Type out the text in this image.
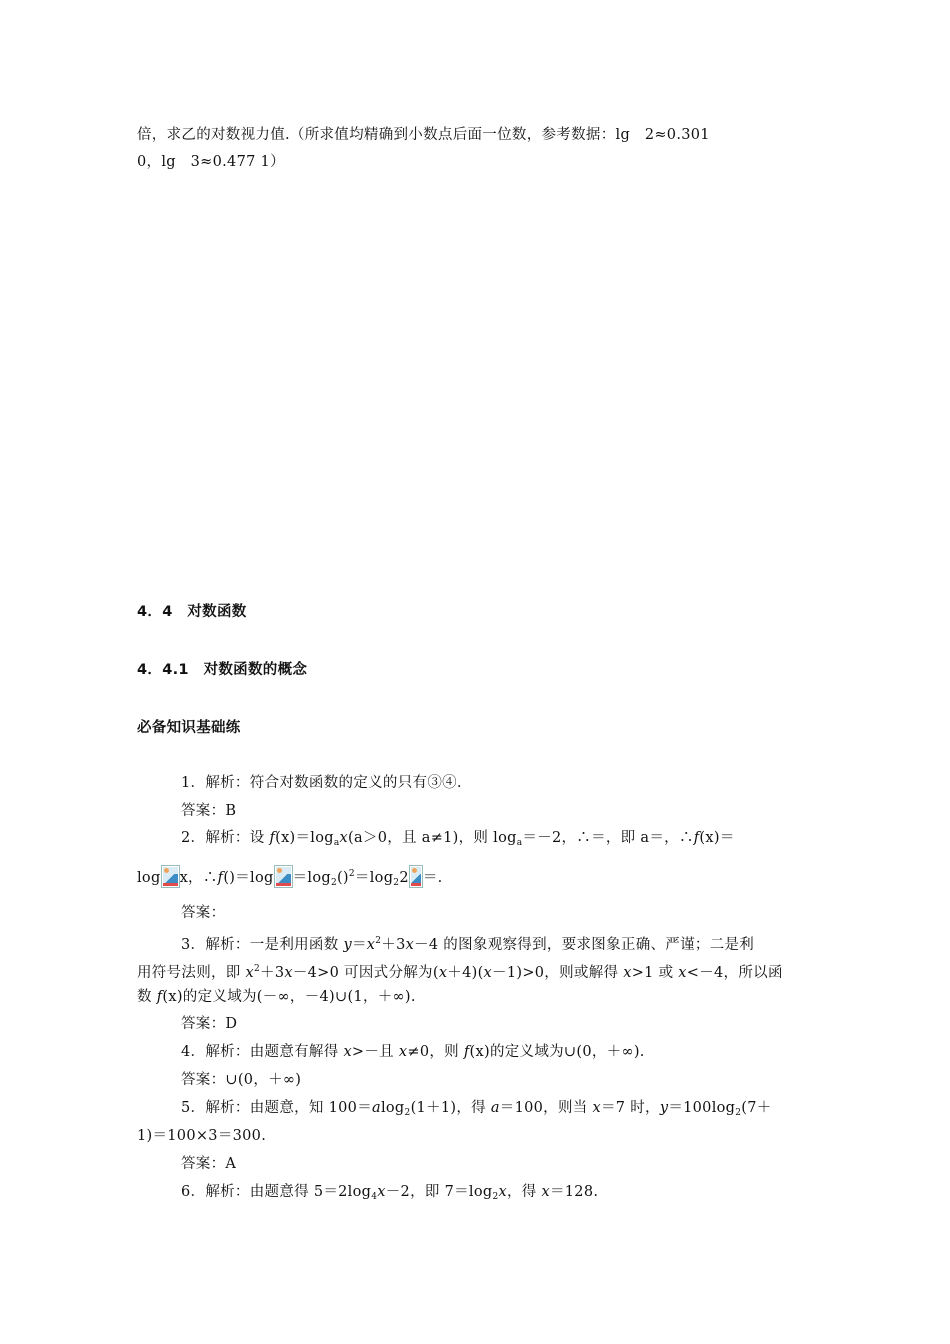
倍，求乙的对数视力值.（所求值均精确到小数点后面一位数，参考数据：lg　2≈0.301
0，lg　3≈0.477 1）
4．4　对数函数
4．4.1　对数函数的概念
必备知识基础练
1．解析：符合对数函数的定义的只有③④.
答案：B
2．解析：设 $f(x)=\log_ax(a>0$，且 a≠1)，则 $\log_a=-2$，∴＝，即 a＝，∴f(x)＝
log x，∴f()＝log $=\log_2()^2=\log_22$ ＝.
答案：
3．解析：一是利用函数 $y=x^2+3x-4$ 的图象观察得到，要求图象正确、严谨；二是利
用符号法则，即 $x^2+3x-4>0$ 可因式分解为(x＋4)(x－1)>0，则或解得 x>1 或 x<－4，所以函
数 f(x)的定义域为(－∞，－4)∪(1，＋∞).
答案：D
4．解析：由题意有解得 x>－且 x≠0，则 f(x)的定义域为∪(0，＋∞).
答案：∪(0，＋∞)
5．解析：由题意，知 100＝alog$_2$(1＋1)，得 a＝100，则当 x＝7 时，$y=100\log_2(7+$
1)＝100×3＝300.
答案：A
6．解析：由题意得 $5=2\log_4x-2$，即 $7=\log_2x$，得 x＝128.
